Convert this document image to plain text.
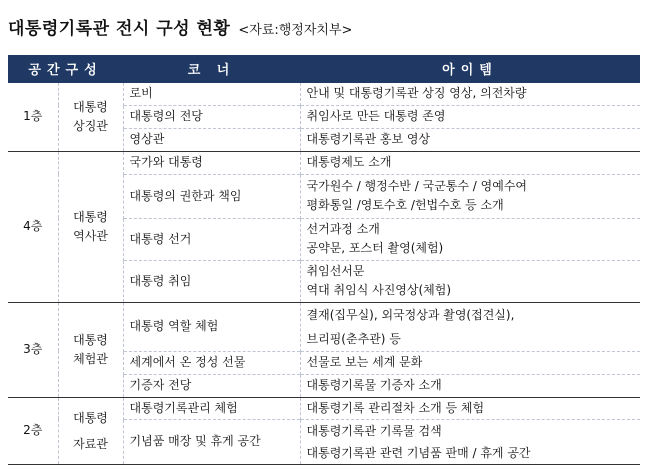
대통령기록관 전시 구성 현황 <자료:행정자치부>
공간구성		코 너	아이템
1층	대통령
상징관	로비	안내 및 대통령기록관 상징 영상, 의전차량
		대통령의 전당	취임사로 만든 대통령 존영
		영상관	대통령기록관 홍보 영상
4층	대통령
역사관	국가와 대통령	대통령제도 소개
		대통령의 권한과 책임	국가원수 / 행정수반 / 국군통수 / 영예수여
평화통일 /영토수호 /헌법수호 등 소개
		대통령 선거	선거과정 소개
공약문, 포스터 촬영(체험)
		대통령 취임	취임선서문
역대 취임식 사진영상(체험)
3층	대통령
체험관	대통령 역할 체험	결재(집무실), 외국정상과 촬영(접견실),
브리핑(춘추관) 등
		세계에서 온 정성 선물	선물로 보는 세계 문화
		기증자 전당	대통령기록물 기증자 소개
2층	대통령
자료관	대통령기록관리 체험	대통령기록 관리절차 소개 등 체험
		기념품 매장 및 휴게 공간	대통령기록관 기록물 검색
대통령기록관 관련 기념품 판매 / 휴게 공간
